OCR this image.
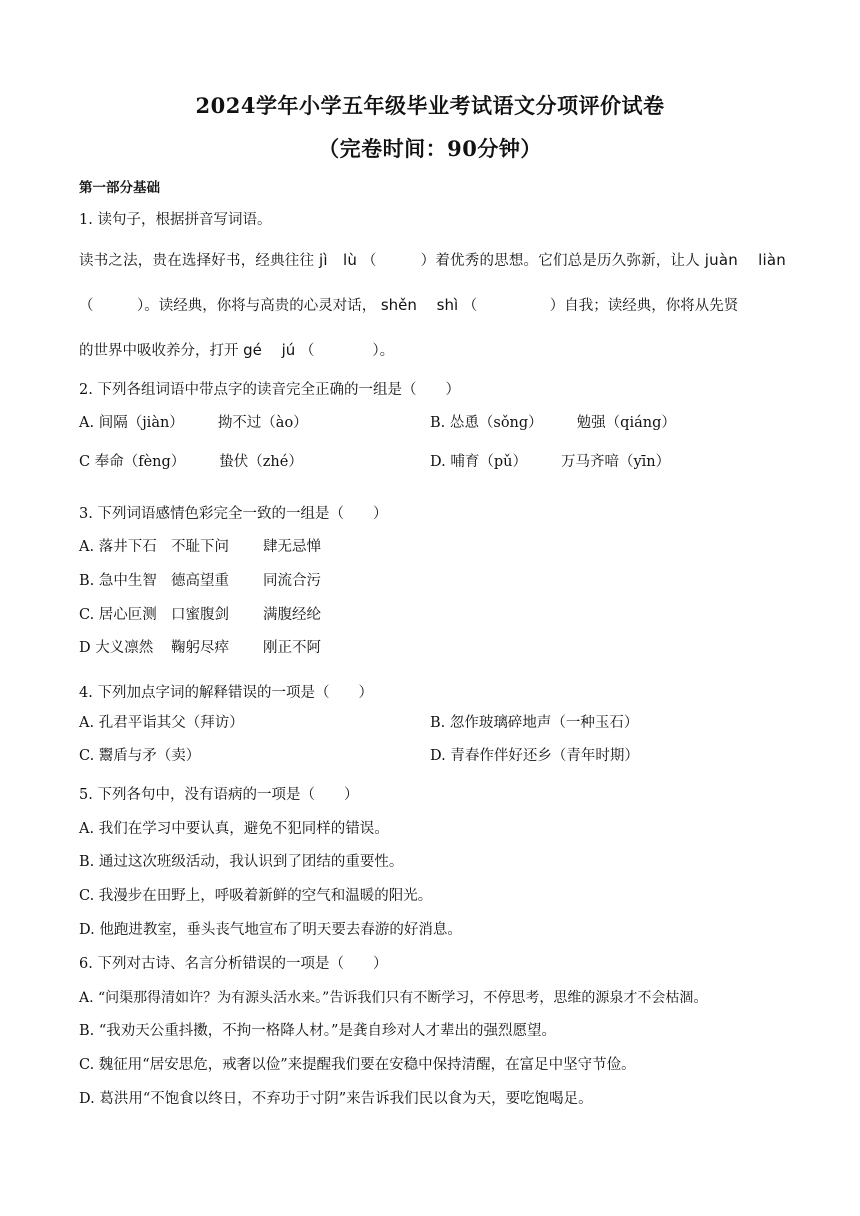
2024学年小学五年级毕业考试语文分项评价试卷
（完卷时间：90分钟）
第一部分基础
1. 读句子，根据拼音写词语。
读书之法，贵在选择好书，经典往往 jì　lù （　　　）着优秀的思想。它们总是历久弥新，让人 juàn　 liàn
（　　　）。读经典，你将与高贵的心灵对话， shěn　 shì （　　　　　）自我；读经典，你将从先贤
的世界中吸收养分，打开 gé　 jú （　　　　）。
2. 下列各组词语中带点字的读音完全正确的一组是（　　）
A. 间隔（jiàn） 拗不过（ào）	B. 怂恿（sǒng） 勉强（qiáng）
C 奉命（fèng） 蛰伏（zhé）	D. 哺育（pǔ） 万马齐喑（yīn）
3. 下列词语感情色彩完全一致的一组是（　　）
A. 落井下石 不耻下问 肆无忌惮
B. 急中生智 德高望重 同流合污
C. 居心叵测 口蜜腹剑 满腹经纶
D 大义凛然 鞠躬尽瘁 刚正不阿
4. 下列加点字词的解释错误的一项是（　　）
A. 孔君平诣其父（拜访）	B. 忽作玻璃碎地声（一种玉石）
C. 鬻盾与矛（卖）	D. 青春作伴好还乡（青年时期）
5. 下列各句中，没有语病的一项是（　　）
A. 我们在学习中要认真，避免不犯同样的错误。
B. 通过这次班级活动，我认识到了团结的重要性。
C. 我漫步在田野上，呼吸着新鲜的空气和温暖的阳光。
D. 他跑进教室，垂头丧气地宣布了明天要去春游的好消息。
6. 下列对古诗、名言分析错误的一项是（　　）
A. “问渠那得清如许？为有源头活水来。”告诉我们只有不断学习，不停思考，思维的源泉才不会枯涸。
B. “我劝天公重抖擞，不拘一格降人材。”是龚自珍对人才辈出的强烈愿望。
C. 魏征用“居安思危，戒奢以俭”来提醒我们要在安稳中保持清醒，在富足中坚守节俭。
D. 葛洪用“不饱食以终日，不弃功于寸阴”来告诉我们民以食为天，要吃饱喝足。
